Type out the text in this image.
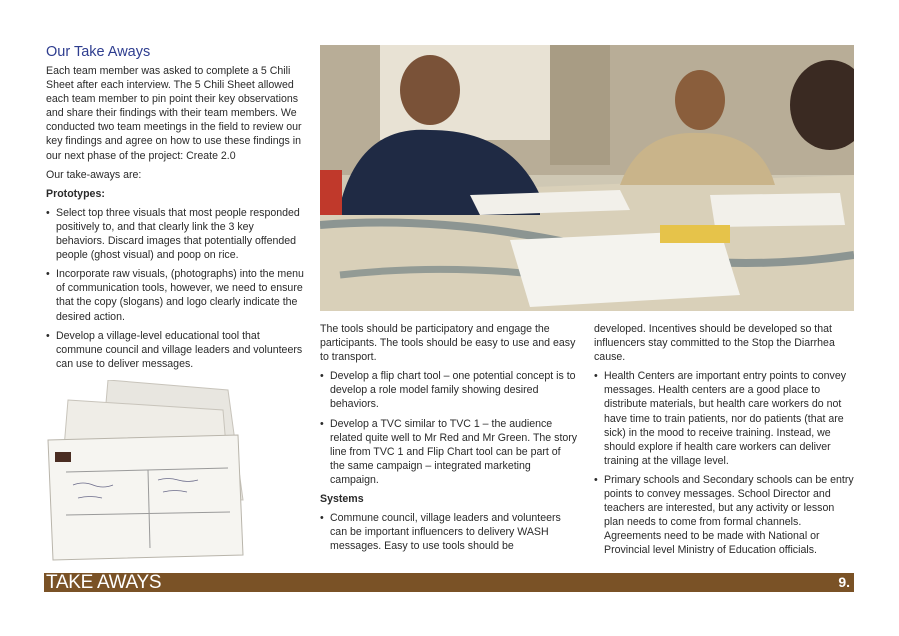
Our Take Aways

Each team member was asked to complete a 5 Chili Sheet after each interview. The 5 Chili Sheet allowed each team member to pin point their key observations and share their findings with their team members. We conducted two team meetings in the field to review our key findings and agree on how to use these findings in our next phase of the project: Create 2.0

Our take-aways are:

Prototypes:

• Select top three visuals that most people responded positively to, and that clearly link the 3 key behaviors. Discard images that potentially offended people (ghost visual) and poop on rice.
• Incorporate raw visuals, (photographs) into the menu of communication tools, however, we need to ensure that the copy (slogans) and logo clearly indicate the desired action.
• Develop a village-level educational tool that commune council and village leaders and volunteers can use to deliver messages.

The tools should be participatory and engage the participants. The tools should be easy to use and easy to transport.

• Develop a flip chart tool – one potential concept is to develop a role model family showing desired behaviors.
• Develop a TVC similar to TVC 1 – the audience related quite well to Mr Red and Mr Green. The story line from TVC 1 and Flip Chart tool can be part of the same campaign – integrated marketing campaign.

Systems

• Commune council, village leaders and volunteers can be important influencers to delivery WASH messages. Easy to use tools should be

developed. Incentives should be developed so that influencers stay committed to the Stop the Diarrhea cause.

• Health Centers are important entry points to convey messages. Health centers are a good place to distribute materials, but health care workers do not have time to train patients, nor do patients (that are sick) in the mood to receive training. Instead, we should explore if health care workers can deliver training at the village level.
• Primary schools and Secondary schools can be entry points to convey messages. School Director and teachers are interested, but any activity or lesson plan needs to come from formal channels. Agreements need to be made with National or Provincial level Ministry of Education officials.
TAKE AWAYS	9.
